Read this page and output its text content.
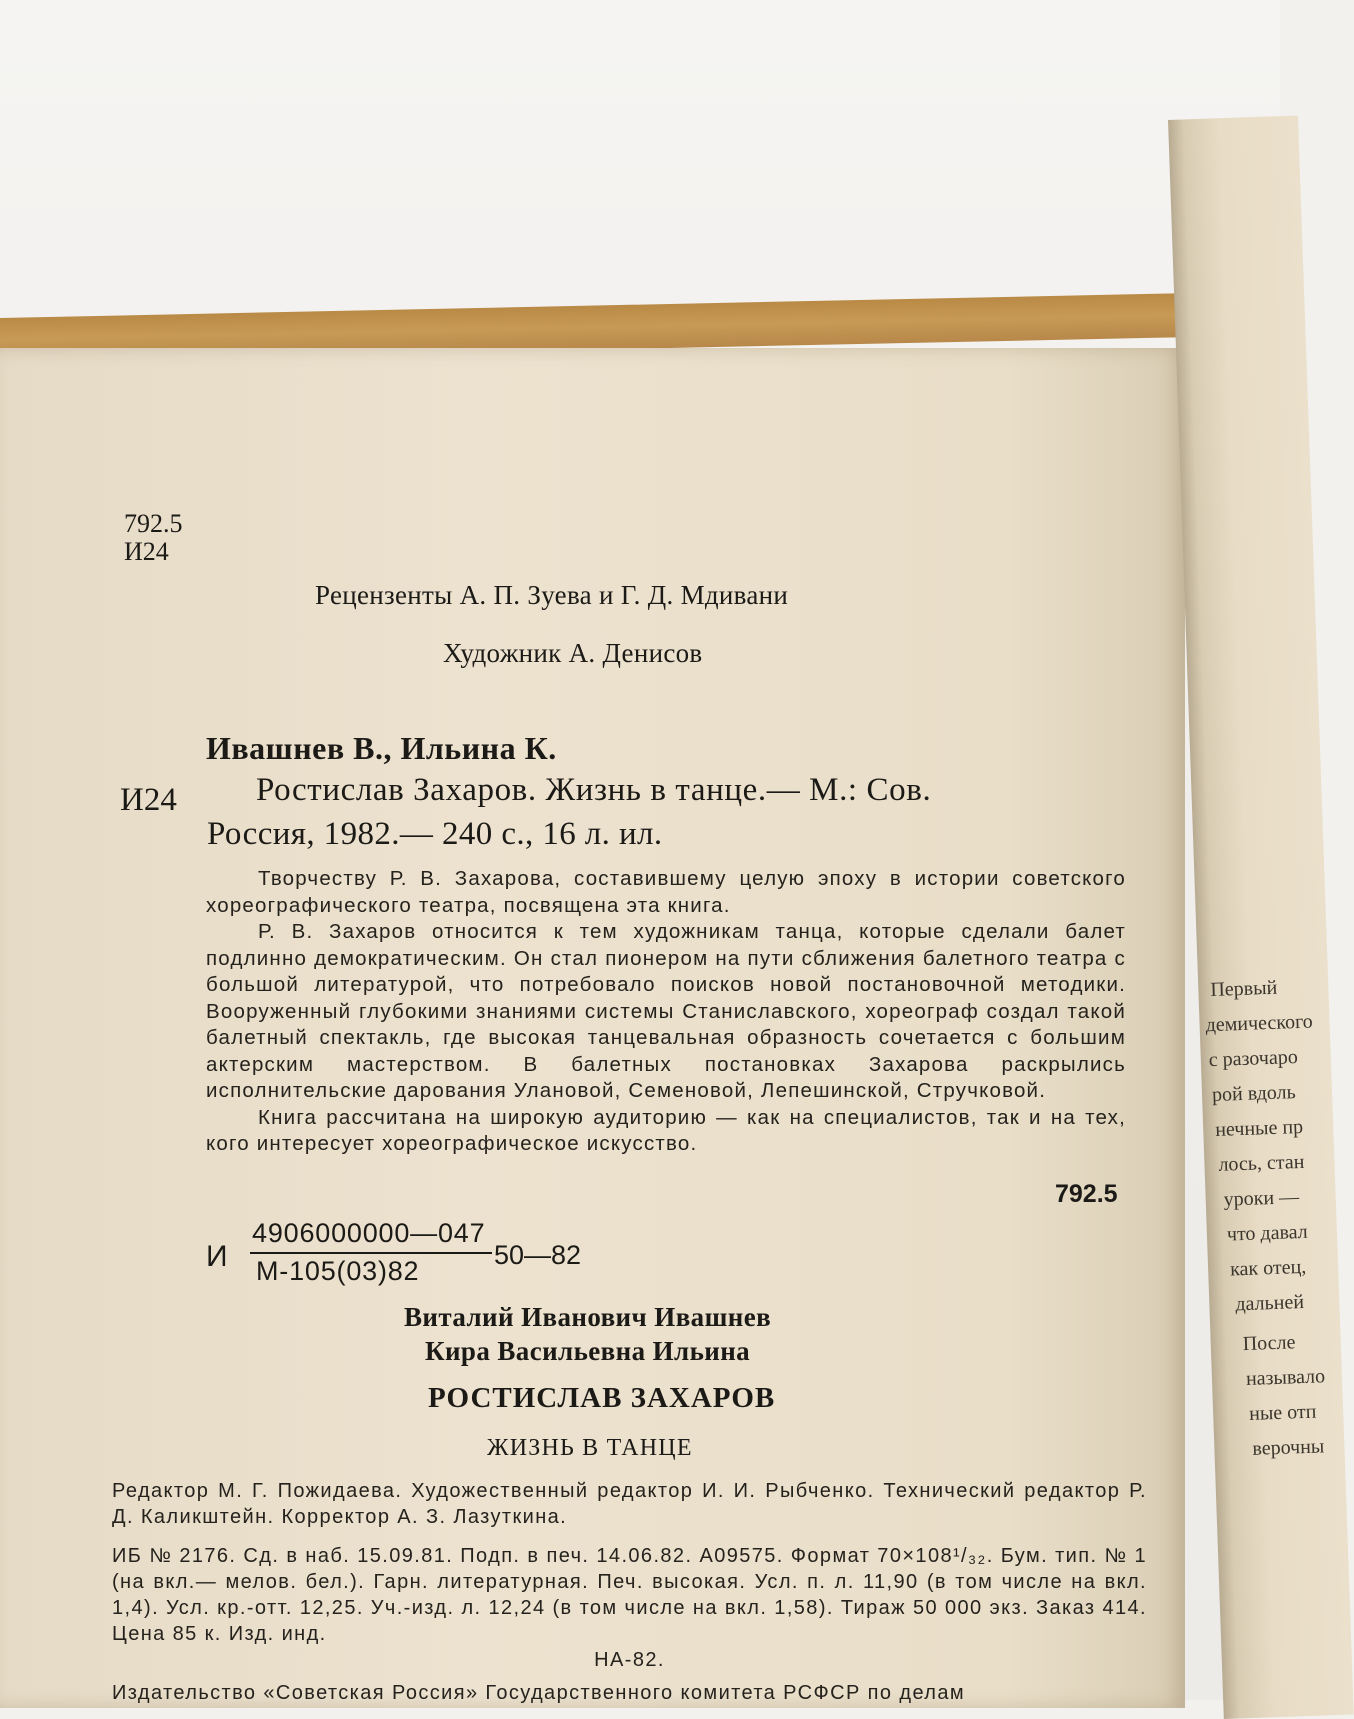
Первый
демического
с разочаро
рой вдоль
нечные пр
лось, стан
уроки —
что давал
как отец,
дальней
После
называло
ные отп
верочны
792.5
И24
Рецензенты А. П. Зуева и Г. Д. Мдивани
Художник А. Денисов
Ивашнев В., Ильина К.
И24 Ростислав Захаров. Жизнь в танце.— М.: Сов.
Россия, 1982.— 240 с., 16 л. ил.

Творчеству Р. В. Захарова, составившему целую эпоху в истории советского хореографического театра, посвящена эта книга.

Р. В. Захаров относится к тем художникам танца, которые сделали балет подлинно демократическим. Он стал пионером на пути сближения балетного театра с большой литературой, что потребовало поисков новой постановочной методики. Вооруженный глубокими знаниями системы Станиславского, хореограф создал такой балетный спектакль, где высокая танцевальная образность сочетается с большим актерским мастерством. В балетных постановках Захарова раскрылись исполнительские дарования Улановой, Семеновой, Лепешинской, Стручковой.

Книга рассчитана на широкую аудиторию — как на специалистов, так и на тех, кого интересует хореографическое искусство.

792.5
И
4906000000—047
М-105(03)82
50—82
Виталий Иванович Ивашнев
Кира Васильевна Ильина
РОСТИСЛАВ ЗАХАРОВ
ЖИЗНЬ В ТАНЦЕ

Редактор М. Г. Пожидаева. Художественный редактор И. И. Рыбченко. Технический редактор Р. Д. Каликштейн. Корректор А. З. Лазуткина.

ИБ № 2176. Сд. в наб. 15.09.81. Подп. в печ. 14.06.82. А09575. Формат 70×108¹/₃₂. Бум. тип. № 1 (на вкл.— мелов. бел.). Гарн. литературная. Печ. высокая. Усл. п. л. 11,90 (в том числе на вкл. 1,4). Усл. кр.-отт. 12,25. Уч.-изд. л. 12,24 (в том числе на вкл. 1,58). Тираж 50 000 экз. Заказ 414. Цена 85 к. Изд. инд.

НА-82.

Издательство «Советская Россия» Государственного комитета РСФСР по делам
